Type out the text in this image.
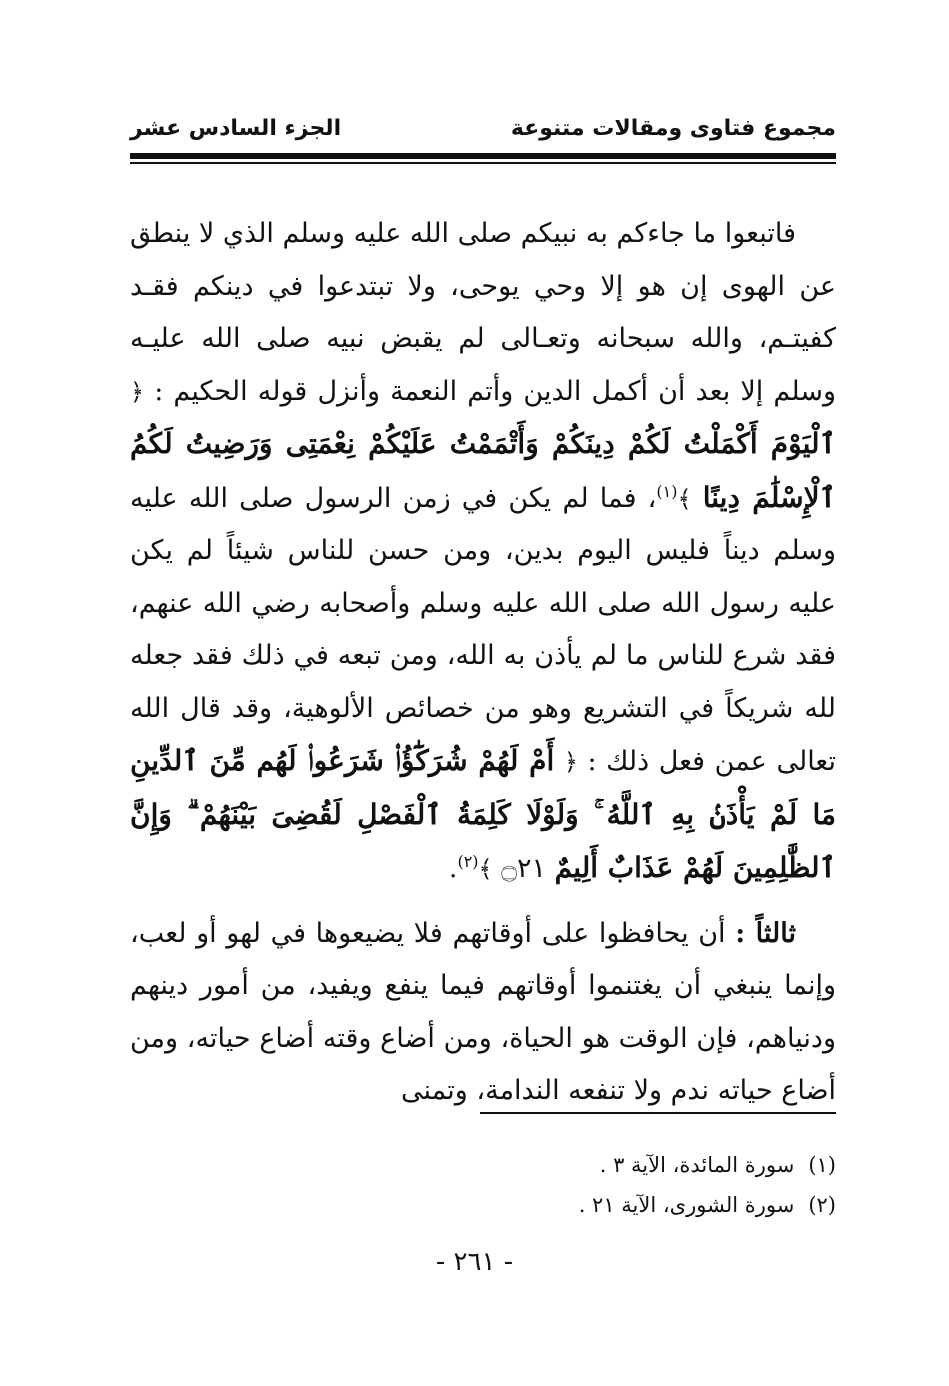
مجموع فتاوى ومقالات متنوعة
الجزء السادس عشر

فاتبعوا ما جاءكم به نبيكم صلى الله عليه وسلم الذي لا ينطق عن الهوى إن هو إلا وحي يوحى، ولا تبتدعوا في دينكم فقـد كفيتـم، والله سبحانه وتعـالى لم يقبض نبيه صلى الله عليـه وسلم إلا بعد أن أكمل الدين وأتم النعمة وأنزل قوله الحكيم : ﴿ ٱلْيَوْمَ أَكْمَلْتُ لَكُمْ دِينَكُمْ وَأَتْمَمْتُ عَلَيْكُمْ نِعْمَتِى وَرَضِيتُ لَكُمُ ٱلْإِسْلَٰمَ دِينًا ﴾$^{(١)}$، فما لم يكن في زمن الرسول صلى الله عليه وسلم ديناً فليس اليوم بدين، ومن حسن للناس شيئاً لم يكن عليه رسول الله صلى الله عليه وسلم وأصحابه رضي الله عنهم، فقد شرع للناس ما لم يأذن به الله، ومن تبعه في ذلك فقد جعله لله شريكاً في التشريع وهو من خصائص الألوهية، وقد قال الله تعالى عمن فعل ذلك : ﴿ أَمْ لَهُمْ شُرَكَٰٓؤُا۟ شَرَعُوا۟ لَهُم مِّنَ ٱلدِّينِ مَا لَمْ يَأْذَنۢ بِهِ ٱللَّهُ ۚ وَلَوْلَا كَلِمَةُ ٱلْفَصْلِ لَقُضِىَ بَيْنَهُمْ ۗ وَإِنَّ ٱلظَّٰلِمِينَ لَهُمْ عَذَابٌ أَلِيمٌ ۝٢١ ﴾$^{(٢)}$.

ثالثاً : أن يحافظوا على أوقاتهم فلا يضيعوها في لهو أو لعب، وإنما ينبغي أن يغتنموا أوقاتهم فيما ينفع ويفيد، من أمور دينهم ودنياهم، فإن الوقت هو الحياة، ومن أضاع وقته أضاع حياته، ومن أضاع حياته ندم ولا تنفعه الندامة، وتمنى

(١)سورة المائدة، الآية ٣ .
(٢)سورة الشورى، الآية ٢١ .
- ٢٦١ -
